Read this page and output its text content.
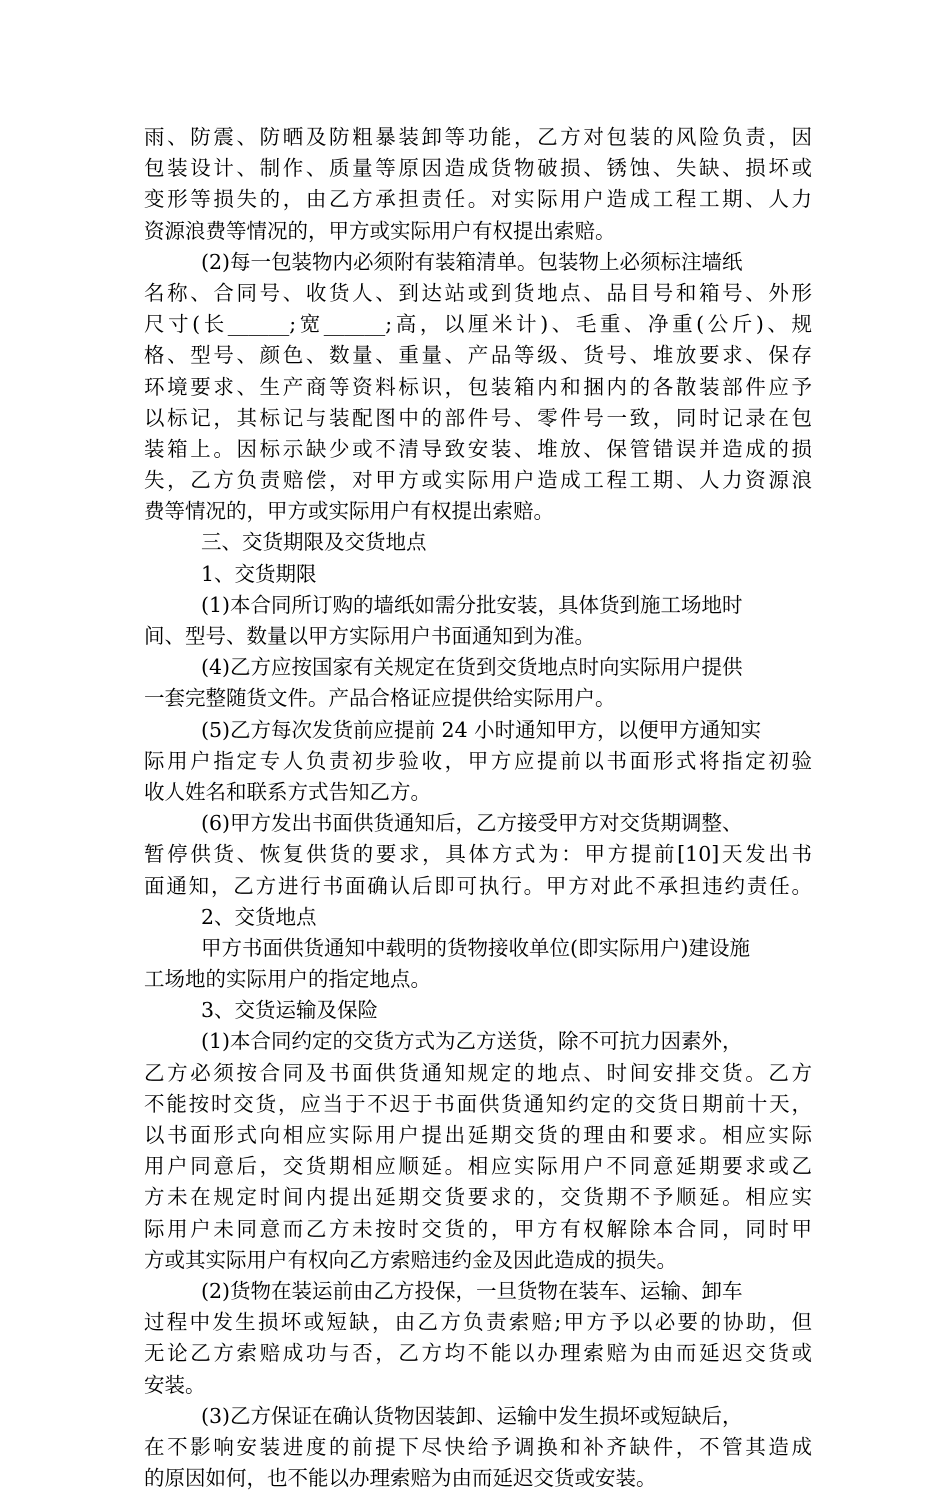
雨、防震、防晒及防粗暴装卸等功能，乙方对包装的风险负责，因
包装设计、制作、质量等原因造成货物破损、锈蚀、失缺、损坏或
变形等损失的，由乙方承担责任。对实际用户造成工程工期、人力
资源浪费等情况的，甲方或实际用户有权提出索赔。
(2)每一包装物内必须附有装箱清单。包装物上必须标注墙纸
名称、合同号、收货人、到达站或到货地点、品目号和箱号、外形
尺寸(长______;宽______;高，以厘米计)、毛重、净重(公斤)、规
格、型号、颜色、数量、重量、产品等级、货号、堆放要求、保存
环境要求、生产商等资料标识，包装箱内和捆内的各散装部件应予
以标记，其标记与装配图中的部件号、零件号一致，同时记录在包
装箱上。因标示缺少或不清导致安装、堆放、保管错误并造成的损
失，乙方负责赔偿，对甲方或实际用户造成工程工期、人力资源浪
费等情况的，甲方或实际用户有权提出索赔。
三、交货期限及交货地点
1、交货期限
(1)本合同所订购的墙纸如需分批安装，具体货到施工场地时
间、型号、数量以甲方实际用户书面通知到为准。
(4)乙方应按国家有关规定在货到交货地点时向实际用户提供
一套完整随货文件。产品合格证应提供给实际用户。
(5)乙方每次发货前应提前 24 小时通知甲方，以便甲方通知实
际用户指定专人负责初步验收，甲方应提前以书面形式将指定初验
收人姓名和联系方式告知乙方。
(6)甲方发出书面供货通知后，乙方接受甲方对交货期调整、
暂停供货、恢复供货的要求，具体方式为：甲方提前[10]天发出书
面通知，乙方进行书面确认后即可执行。甲方对此不承担违约责任。
2、交货地点
甲方书面供货通知中载明的货物接收单位(即实际用户)建设施
工场地的实际用户的指定地点。
3、交货运输及保险
(1)本合同约定的交货方式为乙方送货，除不可抗力因素外，
乙方必须按合同及书面供货通知规定的地点、时间安排交货。乙方
不能按时交货，应当于不迟于书面供货通知约定的交货日期前十天，
以书面形式向相应实际用户提出延期交货的理由和要求。相应实际
用户同意后，交货期相应顺延。相应实际用户不同意延期要求或乙
方未在规定时间内提出延期交货要求的，交货期不予顺延。相应实
际用户未同意而乙方未按时交货的，甲方有权解除本合同，同时甲
方或其实际用户有权向乙方索赔违约金及因此造成的损失。
(2)货物在装运前由乙方投保，一旦货物在装车、运输、卸车
过程中发生损坏或短缺，由乙方负责索赔;甲方予以必要的协助，但
无论乙方索赔成功与否，乙方均不能以办理索赔为由而延迟交货或
安装。
(3)乙方保证在确认货物因装卸、运输中发生损坏或短缺后，
在不影响安装进度的前提下尽快给予调换和补齐缺件，不管其造成
的原因如何，也不能以办理索赔为由而延迟交货或安装。
